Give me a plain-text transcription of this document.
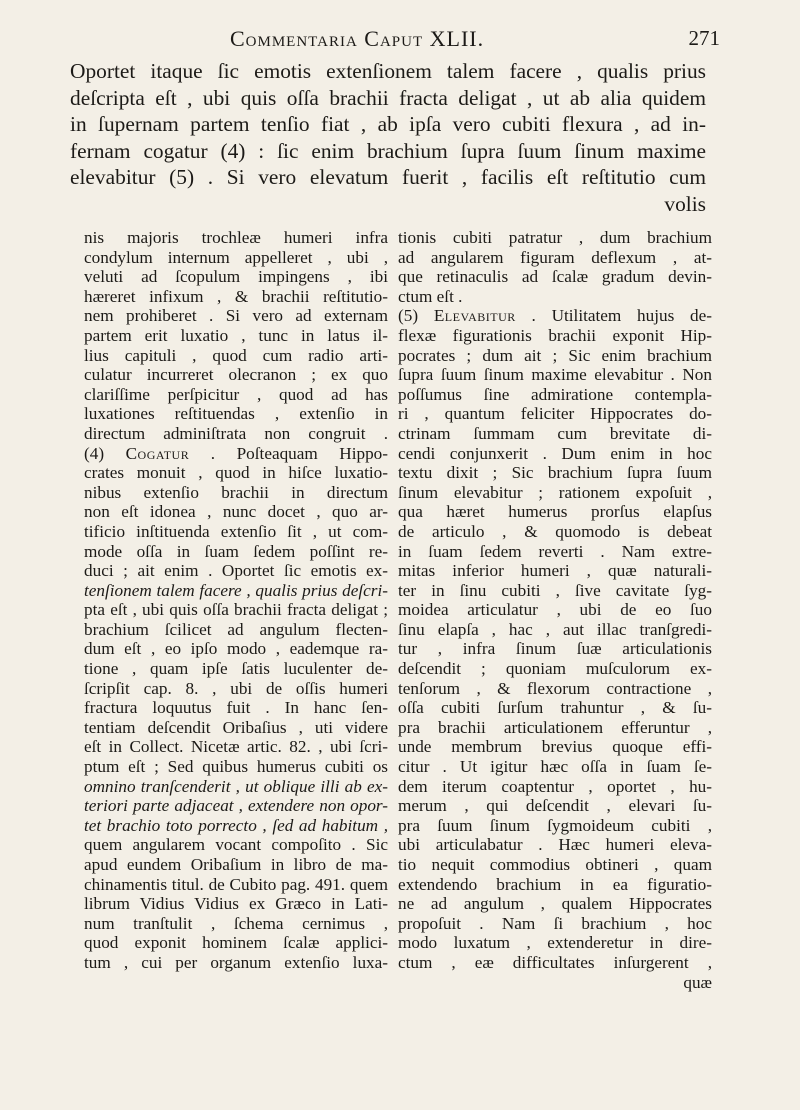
Commentaria Caput XLII.	271
Oportet itaque ſic emotis extenſionem talem facere , qualis prius
deſcripta eſt , ubi quis oſſa brachii fracta deligat , ut ab alia quidem
in ſupernam partem tenſio fiat , ab ipſa vero cubiti flexura , ad in-
fernam cogatur (4) : ſic enim brachium ſupra ſuum ſinum maxime
elevabitur (5) . Si vero elevatum fuerit , facilis eſt reſtitutio cum
volis
nis majoris trochleæ humeri infra
condylum internum appelleret , ubi ,
veluti ad ſcopulum impingens , ibi
hæreret infixum , & brachii reſtitutio-
nem prohiberet . Si vero ad externam
partem erit luxatio , tunc in latus il-
lius capituli , quod cum radio arti-
culatur incurreret olecranon ; ex quo
clariſſime perſpicitur , quod ad has
luxationes reſtituendas , extenſio in
directum adminiſtrata non congruit .
(4) Cogatur . Poſteaquam Hippo-
crates monuit , quod in hiſce luxatio-
nibus extenſio brachii in directum
non eſt idonea , nunc docet , quo ar-
tificio inſtituenda extenſio ſit , ut com-
mode oſſa in ſuam ſedem poſſint re-
duci ; ait enim . Oportet ſic emotis ex-
tenſionem talem facere , qualis prius deſcri-
pta eſt , ubi quis oſſa brachii fracta deligat ;
brachium ſcilicet ad angulum flecten-
dum eſt , eo ipſo modo , eademque ra-
tione , quam ipſe ſatis luculenter de-
ſcripſit cap. 8. , ubi de oſſis humeri
fractura loquutus fuit . In hanc ſen-
tentiam deſcendit Oribaſius , uti videre
eſt in Collect. Nicetæ artic. 82. , ubi ſcri-
ptum eſt ; Sed quibus humerus cubiti os
omnino tranſcenderit , ut oblique illi ab ex-
teriori parte adjaceat , extendere non opor-
tet brachio toto porrecto , ſed ad habitum ,
quem angularem vocant compoſito . Sic
apud eundem Oribaſium in libro de ma-
chinamentis titul. de Cubito pag. 491. quem
librum Vidius Vidius ex Græco in Lati-
num tranſtulit , ſchema cernimus ,
quod exponit hominem ſcalæ applici-
tum , cui per organum extenſio luxa-
tionis cubiti patratur , dum brachium
ad angularem figuram deflexum , at-
que retinaculis ad ſcalæ gradum devin-
ctum eſt .
(5) Elevabitur . Utilitatem hujus de-
flexæ figurationis brachii exponit Hip-
pocrates ; dum ait ; Sic enim brachium
ſupra ſuum ſinum maxime elevabitur . Non
poſſumus ſine admiratione contempla-
ri , quantum feliciter Hippocrates do-
ctrinam ſummam cum brevitate di-
cendi conjunxerit . Dum enim in hoc
textu dixit ; Sic brachium ſupra ſuum
ſinum elevabitur ; rationem expoſuit ,
qua hæret humerus prorſus elapſus
de articulo , & quomodo is debeat
in ſuam ſedem reverti . Nam extre-
mitas inferior humeri , quæ naturali-
ter in ſinu cubiti , ſive cavitate ſyg-
moidea articulatur , ubi de eo ſuo
ſinu elapſa , hac , aut illac tranſgredi-
tur , infra ſinum ſuæ articulationis
deſcendit ; quoniam muſculorum ex-
tenſorum , & flexorum contractione ,
oſſa cubiti ſurſum trahuntur , & ſu-
pra brachii articulationem efferuntur ,
unde membrum brevius quoque effi-
citur . Ut igitur hæc oſſa in ſuam ſe-
dem iterum coaptentur , oportet , hu-
merum , qui deſcendit , elevari ſu-
pra ſuum ſinum ſygmoideum cubiti ,
ubi articulabatur . Hæc humeri eleva-
tio nequit commodius obtineri , quam
extendendo brachium in ea figuratio-
ne ad angulum , qualem Hippocrates
propoſuit . Nam ſi brachium , hoc
modo luxatum , extenderetur in dire-
ctum , eæ difficultates inſurgerent ,
quæ
